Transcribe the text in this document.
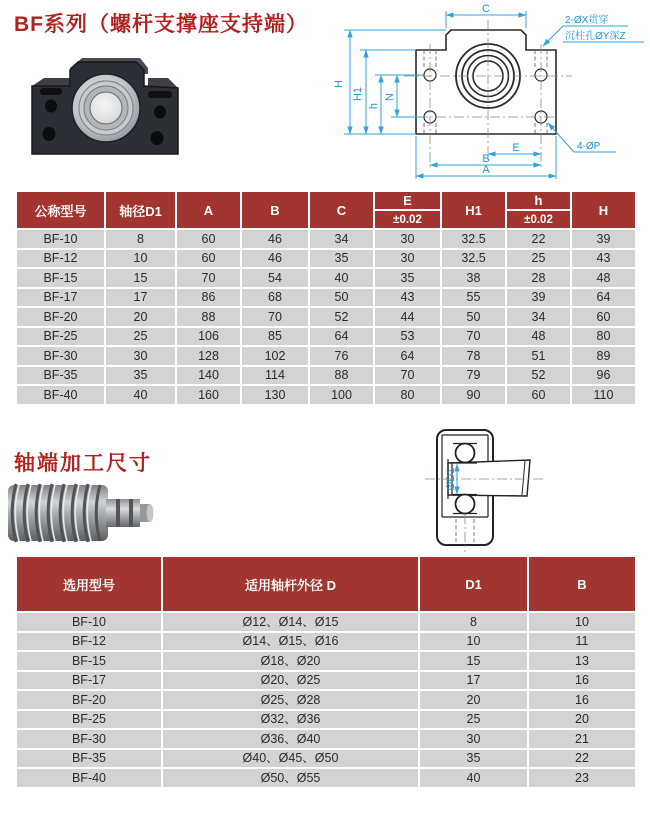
BF系列（螺杆支撑座支持端）
C
H
H1
h
N
E
B
A
2-ØX贯穿
沉柱孔ØY深Z
4-ØP
公称型号	轴径D1	A	B	C	
E
±0.02
	H1	
h
±0.02
	H
BF-10	8	60	46	34	30	32.5	22	39
BF-12	10	60	46	35	30	32.5	25	43
BF-15	15	70	54	40	35	38	28	48
BF-17	17	86	68	50	43	55	39	64
BF-20	20	88	70	52	44	50	34	60
BF-25	25	106	85	64	53	70	48	80
BF-30	30	128	102	76	64	78	51	89
BF-35	35	140	114	88	70	79	52	96
BF-40	40	160	130	100	80	90	60	110
轴端加工尺寸
ØD1
选用型号	适用轴杆外径 D	D1	B
BF-10	Ø12、Ø14、Ø15	8	10
BF-12	Ø14、Ø15、Ø16	10	11
BF-15	Ø18、Ø20	15	13
BF-17	Ø20、Ø25	17	16
BF-20	Ø25、Ø28	20	16
BF-25	Ø32、Ø36	25	20
BF-30	Ø36、Ø40	30	21
BF-35	Ø40、Ø45、Ø50	35	22
BF-40	Ø50、Ø55	40	23
